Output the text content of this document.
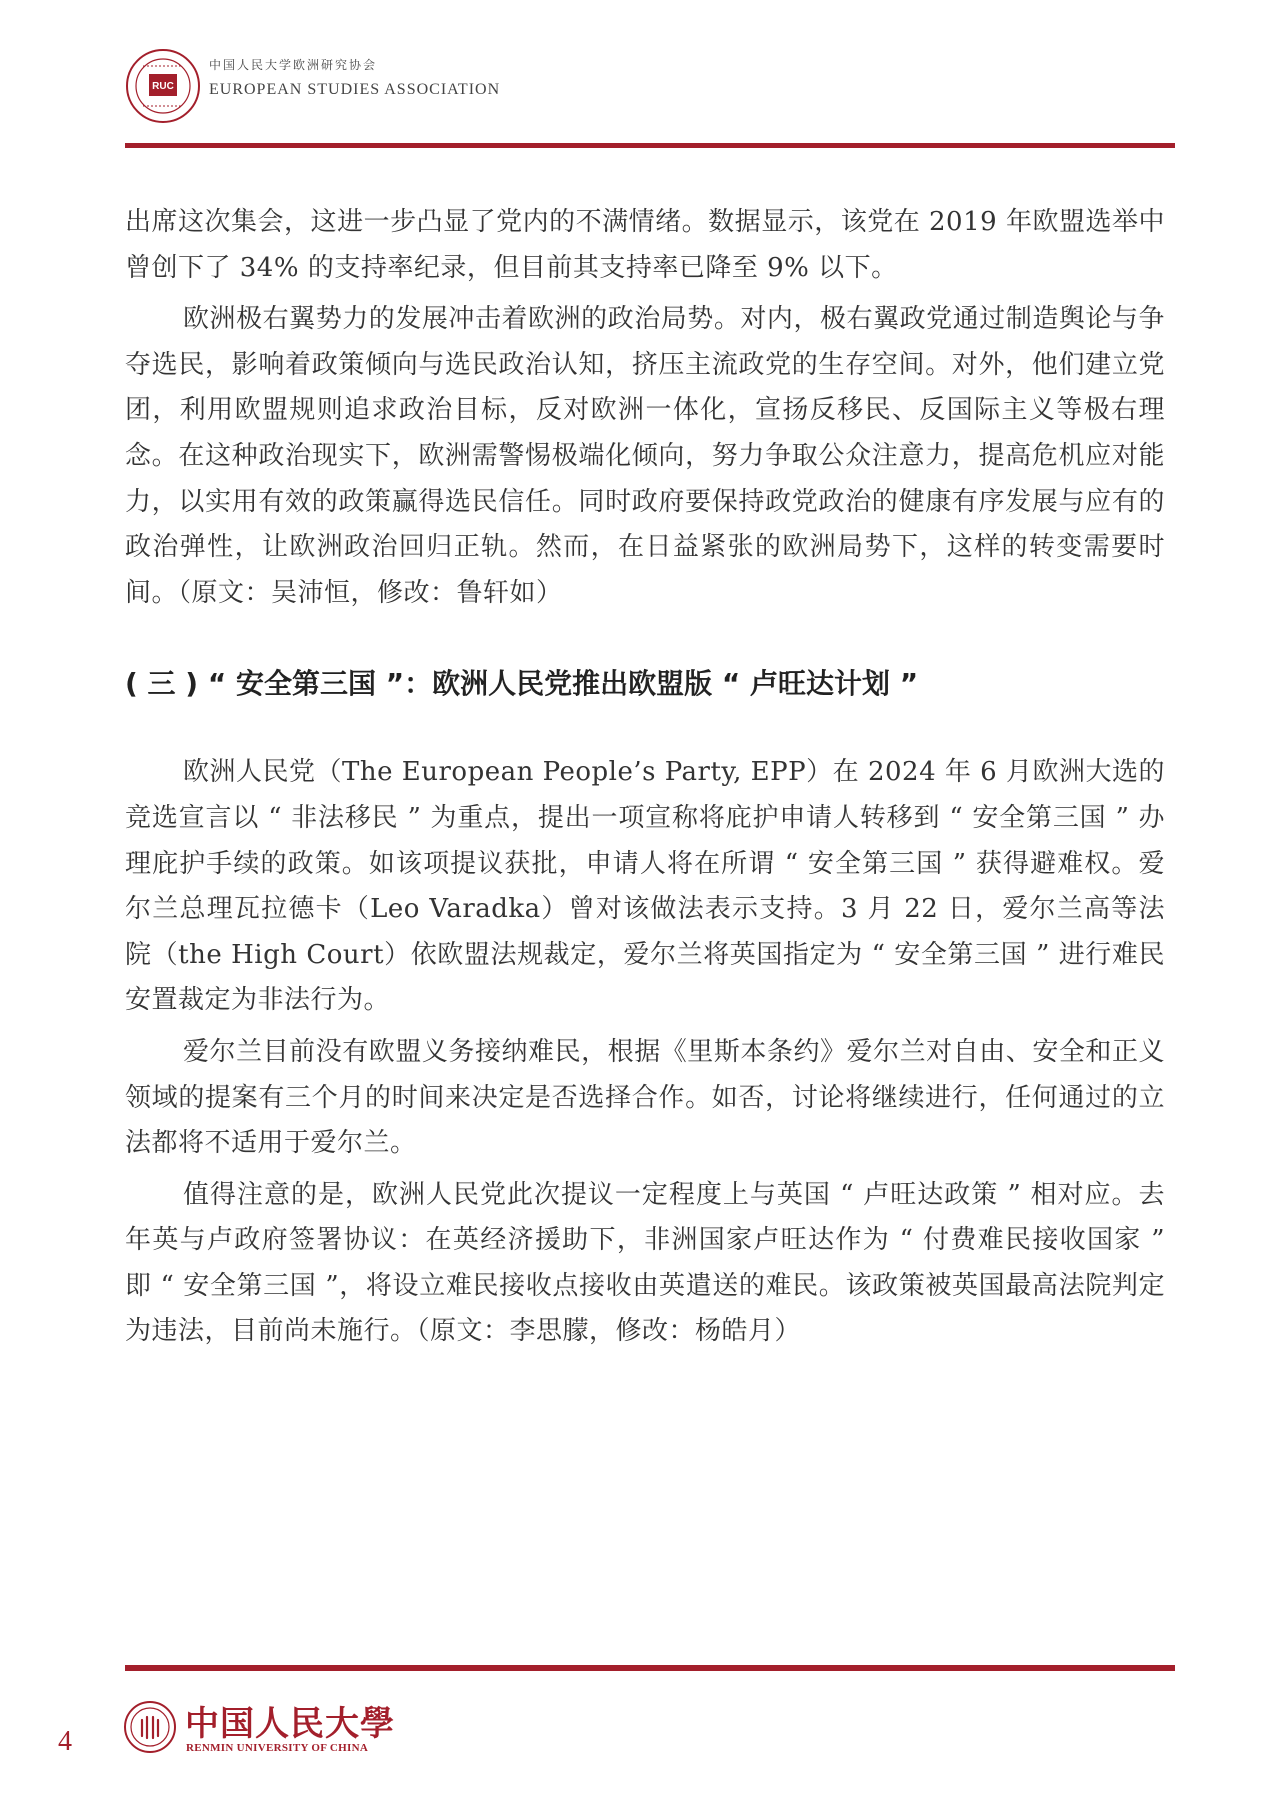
RUC
中国人民大学欧洲研究协会
EUROPEAN STUDIES ASSOCIATION

出席这次集会，这进一步凸显了党内的不满情绪。数据显示，该党在 2019 年欧盟选举中曾创下了 34% 的支持率纪录，但目前其支持率已降至 9% 以下。

欧洲极右翼势力的发展冲击着欧洲的政治局势。对内，极右翼政党通过制造舆论与争夺选民，影响着政策倾向与选民政治认知，挤压主流政党的生存空间。对外，他们建立党团，利用欧盟规则追求政治目标，反对欧洲一体化，宣扬反移民、反国际主义等极右理念。在这种政治现实下，欧洲需警惕极端化倾向，努力争取公众注意力，提高危机应对能力，以实用有效的政策赢得选民信任。同时政府要保持政党政治的健康有序发展与应有的政治弹性，让欧洲政治回归正轨。然而，在日益紧张的欧洲局势下，这样的转变需要时间。（原文：吴沛恒，修改：鲁轩如）

( 三 ) “ 安全第三国 ”：欧洲人民党推出欧盟版 “ 卢旺达计划 ”

欧洲人民党（The European People’s Party, EPP）在 2024 年 6 月欧洲大选的竞选宣言以 “ 非法移民 ” 为重点，提出一项宣称将庇护申请人转移到 “ 安全第三国 ” 办理庇护手续的政策。如该项提议获批，申请人将在所谓 “ 安全第三国 ” 获得避难权。爱尔兰总理瓦拉德卡（Leo Varadka）曾对该做法表示支持。3 月 22 日，爱尔兰高等法院（the High Court）依欧盟法规裁定，爱尔兰将英国指定为 “ 安全第三国 ” 进行难民安置裁定为非法行为。

爱尔兰目前没有欧盟义务接纳难民，根据《里斯本条约》爱尔兰对自由、安全和正义领域的提案有三个月的时间来决定是否选择合作。如否，讨论将继续进行，任何通过的立法都将不适用于爱尔兰。

值得注意的是，欧洲人民党此次提议一定程度上与英国 “ 卢旺达政策 ” 相对应。去年英与卢政府签署协议：在英经济援助下，非洲国家卢旺达作为 “ 付费难民接收国家 ” 即 “ 安全第三国 ”，将设立难民接收点接收由英遣送的难民。该政策被英国最高法院判定为违法，目前尚未施行。（原文：李思朦，修改：杨皓月）

4	中国人民大學
RENMIN UNIVERSITY OF CHINA
